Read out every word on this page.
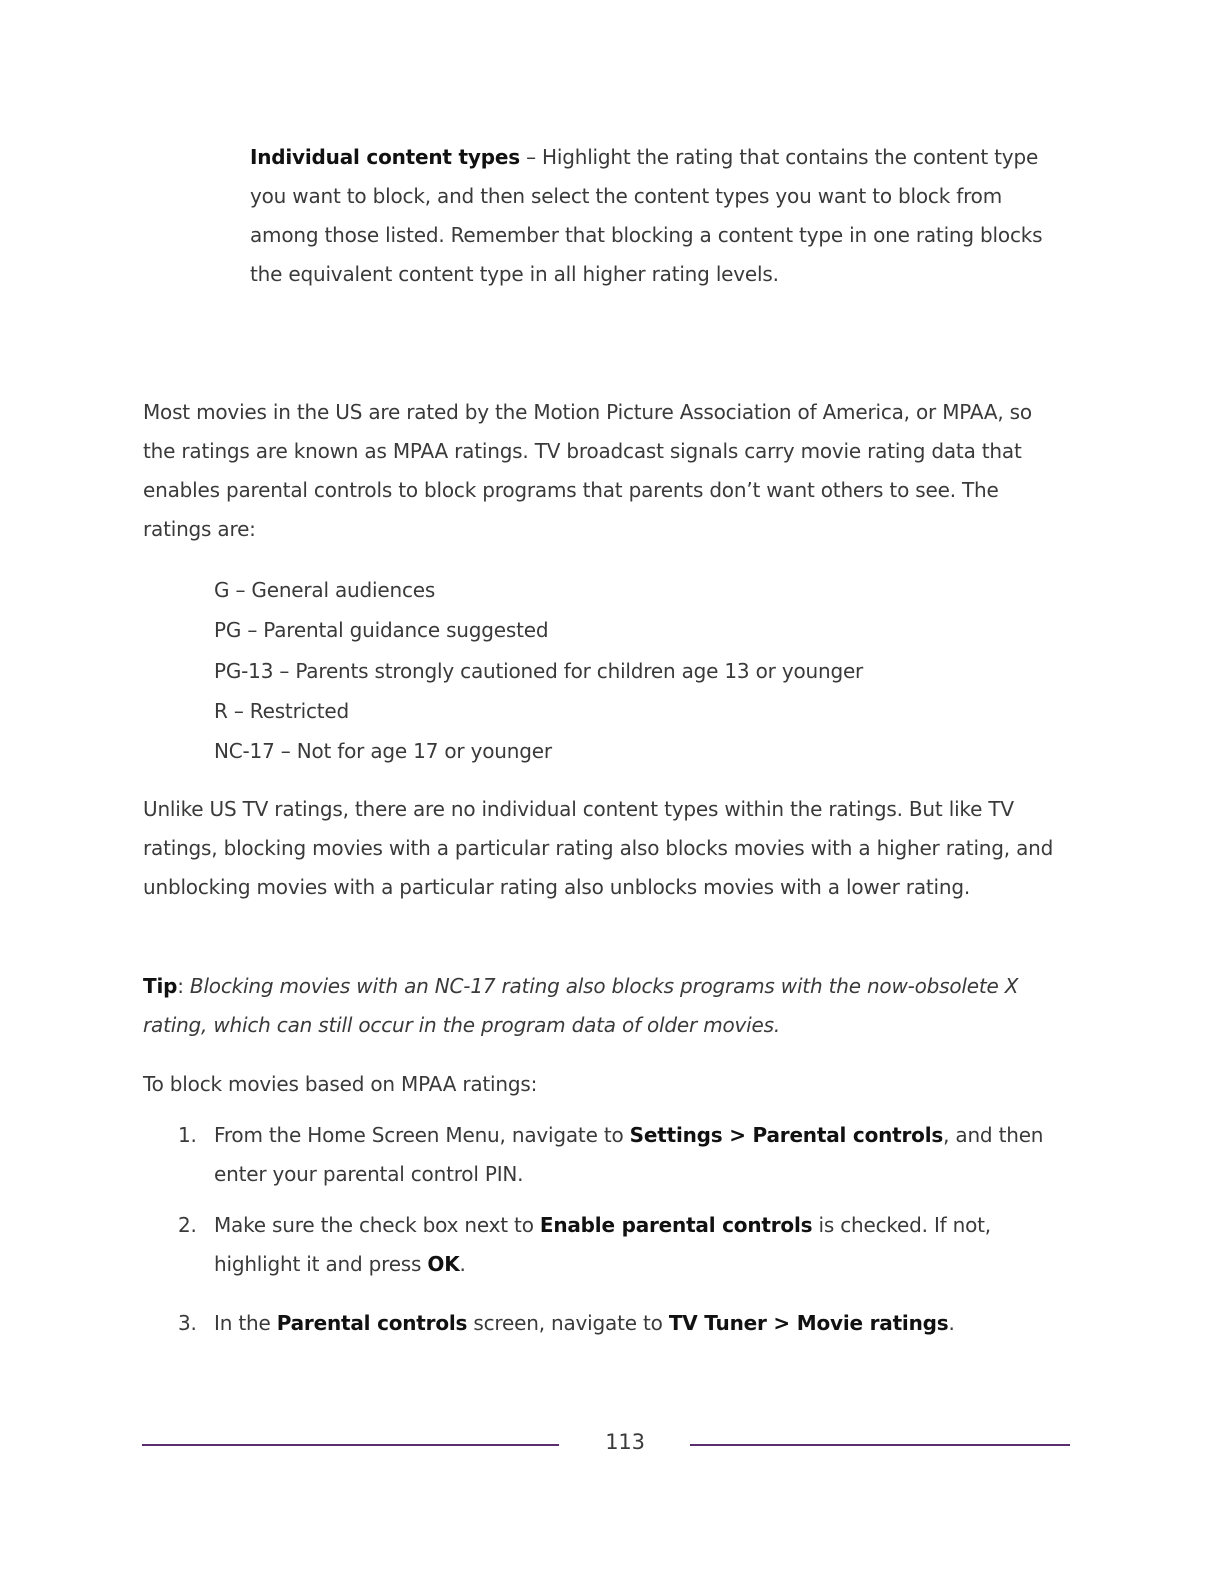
Individual content types – Highlight the rating that contains the content type you want to block, and then select the content types you want to block from among those listed. Remember that blocking a content type in one rating blocks the equivalent content type in all higher rating levels.
Most movies in the US are rated by the Motion Picture Association of America, or MPAA, so the ratings are known as MPAA ratings. TV broadcast signals carry movie rating data that enables parental controls to block programs that parents don’t want others to see. The ratings are:
G – General audiences
PG – Parental guidance suggested
PG-13 – Parents strongly cautioned for children age 13 or younger
R – Restricted
NC-17 – Not for age 17 or younger
Unlike US TV ratings, there are no individual content types within the ratings. But like TV ratings, blocking movies with a particular rating also blocks movies with a higher rating, and unblocking movies with a particular rating also unblocks movies with a lower rating.
Tip: Blocking movies with an NC-17 rating also blocks programs with the now-obsolete X rating, which can still occur in the program data of older movies.
To block movies based on MPAA ratings:
1. From the Home Screen Menu, navigate to Settings > Parental controls, and then enter your parental control PIN.
2. Make sure the check box next to Enable parental controls is checked. If not, highlight it and press OK.
3. In the Parental controls screen, navigate to TV Tuner > Movie ratings.
113
